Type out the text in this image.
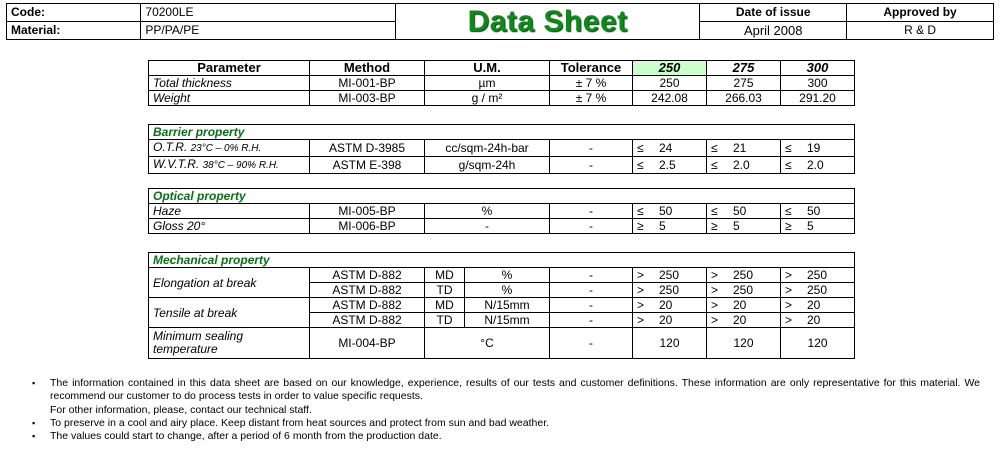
Code:	70200LE	Data Sheet	Date of issue	Approved by
Material:	PP/PA/PE		April 2008	R & D
Parameter	Method	U.M.	Tolerance	250	275	300
Total thickness	MI-001-BP	µm	± 7 %	250	275	300
Weight	MI-003-BP	g / m²	± 7 %	242.08	266.03	291.20
Barrier property						
O.T.R. 23°C – 0% R.H.	ASTM D-3985	cc/sqm-24h-bar	-	≤ 24	≤ 21	≤ 19
W.V.T.R. 38°C – 90% R.H.	ASTM E-398	g/sqm-24h	-	≤ 2.5	≤ 2.0	≤ 2.0
Optical property						
Haze	MI-005-BP	%	-	≤ 50	≤ 50	≤ 50
Gloss 20°	MI-006-BP	-	-	≥ 5	≥ 5	≥ 5
Mechanical property							
Elongation at break	ASTM D-882	MD	%	-	> 250	> 250	> 250
	ASTM D-882	TD	%	-	> 250	> 250	> 250
Tensile at break	ASTM D-882	MD	N/15mm	-	> 20	> 20	> 20
	ASTM D-882	TD	N/15mm	-	> 20	> 20	> 20
Minimum sealing
temperature	MI-004-BP	°C		-	120	120	120
▪ The information contained in this data sheet are based on our knowledge, experience, results of our tests and customer definitions. These information are only representative for this material. We recommend our customer to do process tests in order to value specific requests.
For other information, please, contact our technical staff.
▪ To preserve in a cool and airy place. Keep distant from heat sources and protect from sun and bad weather.
▪ The values could start to change, after a period of 6 month from the production date.
